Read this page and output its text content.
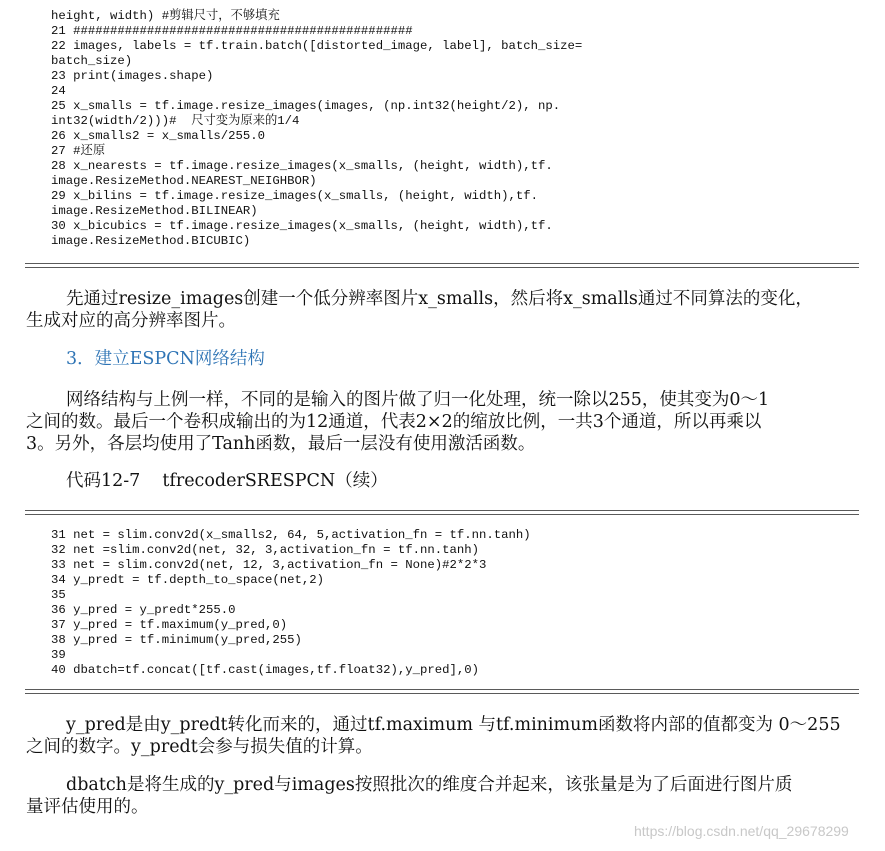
height, width) #剪辑尺寸，不够填充
21 ##############################################
22 images, labels = tf.train.batch([distorted_image, label], batch_size=
batch_size)
23 print(images.shape)
24
25 x_smalls = tf.image.resize_images(images, (np.int32(height/2), np.
int32(width/2)))#  尺寸变为原来的1/4
26 x_smalls2 = x_smalls/255.0
27 #还原
28 x_nearests = tf.image.resize_images(x_smalls, (height, width),tf.
image.ResizeMethod.NEAREST_NEIGHBOR)
29 x_bilins = tf.image.resize_images(x_smalls, (height, width),tf.
image.ResizeMethod.BILINEAR)
30 x_bicubics = tf.image.resize_images(x_smalls, (height, width),tf.
image.ResizeMethod.BICUBIC)
先通过resize_images创建一个低分辨率图片x_smalls，然后将x_smalls通过不同算法的变化，
生成对应的高分辨率图片。
3．建立ESPCN网络结构
网络结构与上例一样，不同的是输入的图片做了归一化处理，统一除以255，使其变为0～1
之间的数。最后一个卷积成输出的为12通道，代表2×2的缩放比例，一共3个通道，所以再乘以
3。另外，各层均使用了Tanh函数，最后一层没有使用激活函数。
代码12-7 tfrecoderSRESPCN（续）
31 net = slim.conv2d(x_smalls2, 64, 5,activation_fn = tf.nn.tanh)
32 net =slim.conv2d(net, 32, 3,activation_fn = tf.nn.tanh)
33 net = slim.conv2d(net, 12, 3,activation_fn = None)#2*2*3
34 y_predt = tf.depth_to_space(net,2)
35
36 y_pred = y_predt*255.0
37 y_pred = tf.maximum(y_pred,0)
38 y_pred = tf.minimum(y_pred,255)
39
40 dbatch=tf.concat([tf.cast(images,tf.float32),y_pred],0)
y_pred是由y_predt转化而来的，通过tf.maximum 与tf.minimum函数将内部的值都变为 0～255
之间的数字。y_predt会参与损失值的计算。
dbatch是将生成的y_pred与images按照批次的维度合并起来，该张量是为了后面进行图片质
量评估使用的。
https://blog.csdn.net/qq_29678299
